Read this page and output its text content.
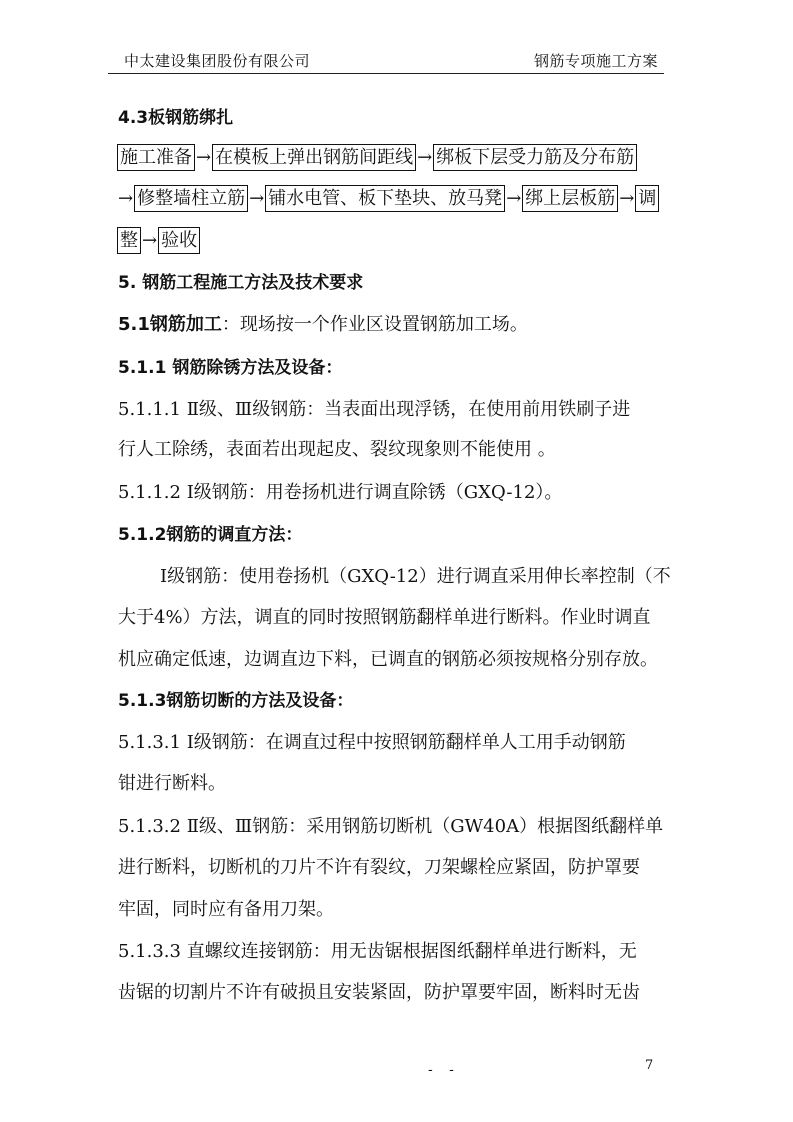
中太建设集团股份有限公司	钢筋专项施工方案
4.3板钢筋绑扎
施工准备 → 在模板上弹出钢筋间距线 → 绑板下层受力筋及分布筋
→ 修整墙柱立筋 → 铺水电管、板下垫块、放马凳 → 绑上层板筋 → 调
整 → 验收
5. 钢筋工程施工方法及技术要求
5.1钢筋加工：现场按一个作业区设置钢筋加工场。
5.1.1 钢筋除锈方法及设备：
5.1.1.1 Ⅱ级、Ⅲ级钢筋：当表面出现浮锈，在使用前用铁刷子进
行人工除绣，表面若出现起皮、裂纹现象则不能使用 。
5.1.1.2 Ⅰ级钢筋：用卷扬机进行调直除锈（GXQ-12）。
5.1.2钢筋的调直方法：
Ⅰ级钢筋：使用卷扬机（GXQ-12）进行调直采用伸长率控制（不
大于4%）方法，调直的同时按照钢筋翻样单进行断料。作业时调直
机应确定低速，边调直边下料，已调直的钢筋必须按规格分别存放。
5.1.3钢筋切断的方法及设备：
5.1.3.1 Ⅰ级钢筋：在调直过程中按照钢筋翻样单人工用手动钢筋
钳进行断料。
5.1.3.2 Ⅱ级、Ⅲ钢筋：采用钢筋切断机（GW40A）根据图纸翻样单
进行断料，切断机的刀片不许有裂纹，刀架螺栓应紧固，防护罩要
牢固，同时应有备用刀架。
5.1.3.3 直螺纹连接钢筋：用无齿锯根据图纸翻样单进行断料，无
齿锯的切割片不许有破损且安装紧固，防护罩要牢固，断料时无齿
- -	7
